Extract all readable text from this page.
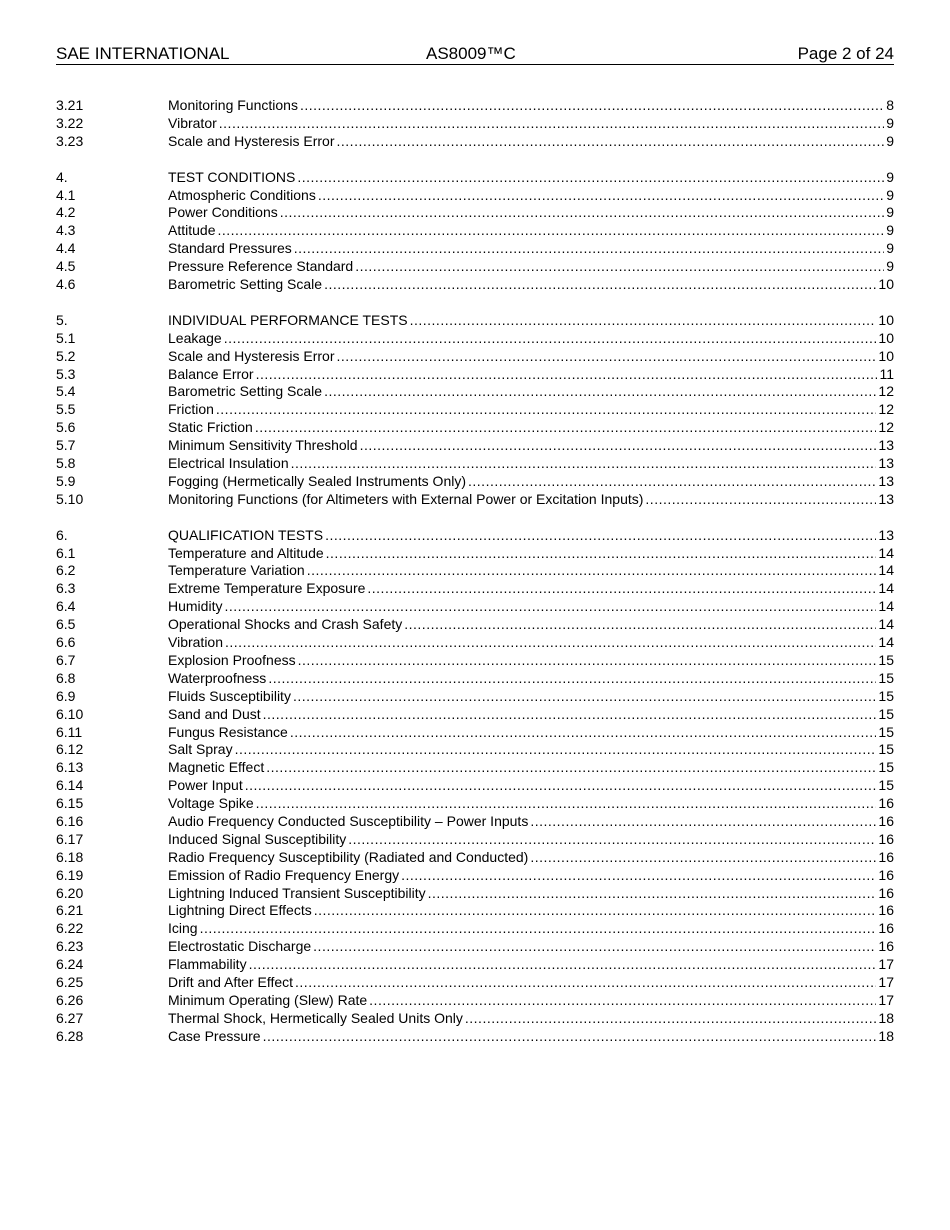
SAE INTERNATIONAL	AS8009™C	Page 2 of 24
3.21	Monitoring Functions .....	8
3.22	Vibrator .....	9
3.23	Scale and Hysteresis Error .....	9
4.	TEST CONDITIONS .....	9
4.1	Atmospheric Conditions .....	9
4.2	Power Conditions .....	9
4.3	Attitude .....	9
4.4	Standard Pressures .....	9
4.5	Pressure Reference Standard .....	9
4.6	Barometric Setting Scale .....	10
5.	INDIVIDUAL PERFORMANCE TESTS .....	10
5.1	Leakage .....	10
5.2	Scale and Hysteresis Error .....	10
5.3	Balance Error .....	11
5.4	Barometric Setting Scale .....	12
5.5	Friction .....	12
5.6	Static Friction .....	12
5.7	Minimum Sensitivity Threshold .....	13
5.8	Electrical Insulation .....	13
5.9	Fogging (Hermetically Sealed Instruments Only) .....	13
5.10	Monitoring Functions (for Altimeters with External Power or Excitation Inputs) .....	13
6.	QUALIFICATION TESTS .....	13
6.1	Temperature and Altitude .....	14
6.2	Temperature Variation .....	14
6.3	Extreme Temperature Exposure .....	14
6.4	Humidity .....	14
6.5	Operational Shocks and Crash Safety .....	14
6.6	Vibration .....	14
6.7	Explosion Proofness .....	15
6.8	Waterproofness .....	15
6.9	Fluids Susceptibility .....	15
6.10	Sand and Dust .....	15
6.11	Fungus Resistance .....	15
6.12	Salt Spray .....	15
6.13	Magnetic Effect .....	15
6.14	Power Input .....	15
6.15	Voltage Spike .....	16
6.16	Audio Frequency Conducted Susceptibility – Power Inputs .....	16
6.17	Induced Signal Susceptibility .....	16
6.18	Radio Frequency Susceptibility (Radiated and Conducted) .....	16
6.19	Emission of Radio Frequency Energy .....	16
6.20	Lightning Induced Transient Susceptibility .....	16
6.21	Lightning Direct Effects .....	16
6.22	Icing .....	16
6.23	Electrostatic Discharge .....	16
6.24	Flammability .....	17
6.25	Drift and After Effect .....	17
6.26	Minimum Operating (Slew) Rate .....	17
6.27	Thermal Shock, Hermetically Sealed Units Only .....	18
6.28	Case Pressure .....	18
